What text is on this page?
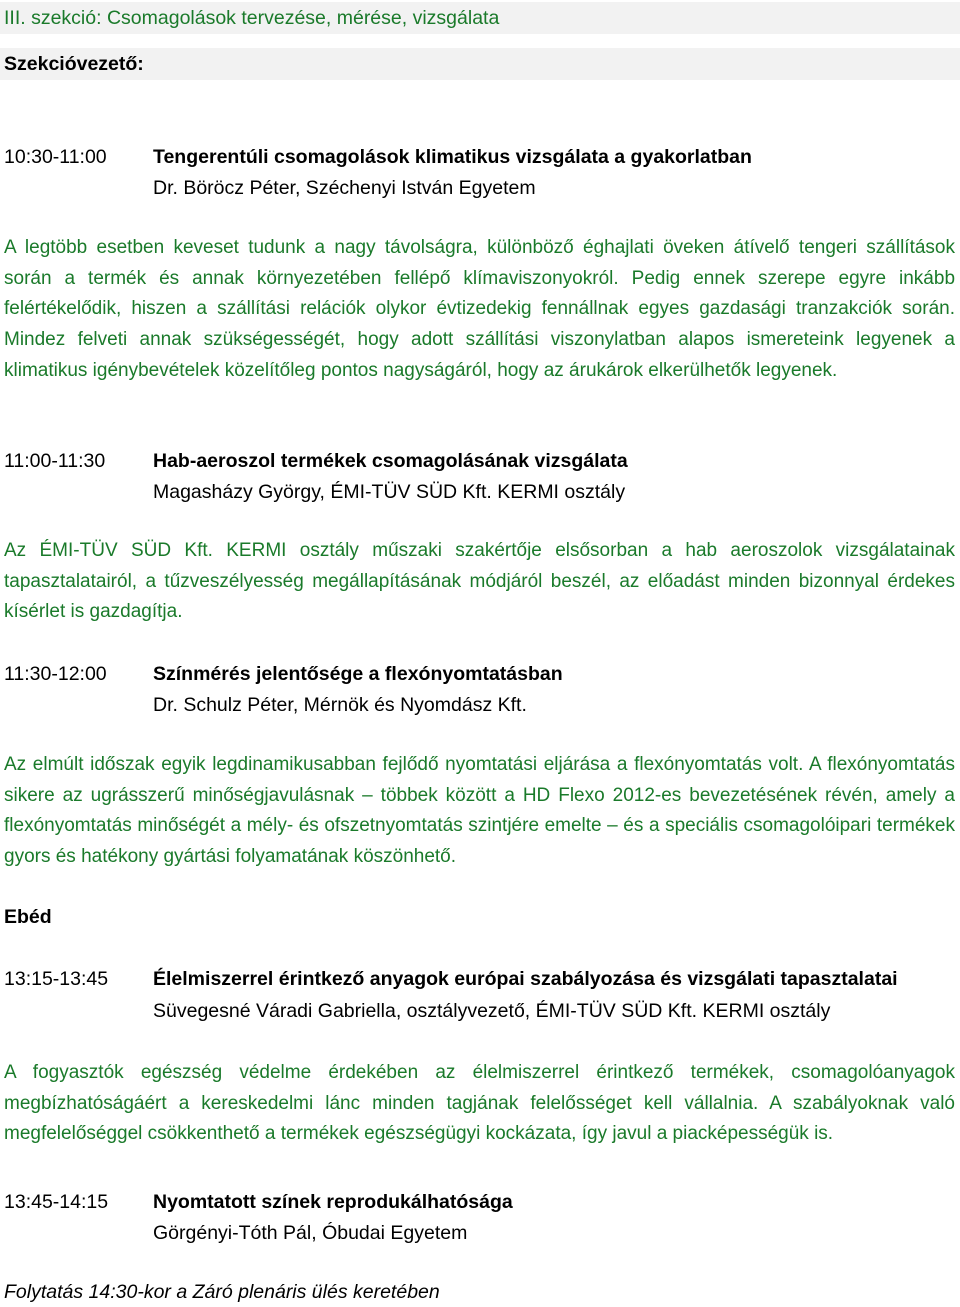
III. szekció: Csomagolások tervezése, mérése, vizsgálata
Szekcióvezető:
10:30-11:00 Tengerentúli csomagolások klimatikus vizsgálata a gyakorlatban
Dr. Böröcz Péter, Széchenyi István Egyetem
A legtöbb esetben keveset tudunk a nagy távolságra, különböző éghajlati öveken átívelő tengeri szállítások során a termék és annak környezetében fellépő klímaviszonyokról. Pedig ennek szerepe egyre inkább felértékelődik, hiszen a szállítási relációk olykor évtizedekig fennállnak egyes gazdasági tranzakciók során. Mindez felveti annak szükségességét, hogy adott szállítási viszonylatban alapos ismereteink legyenek a klimatikus igénybevételek közelítőleg pontos nagyságáról, hogy az árukárok elkerülhetők legyenek.
11:00-11:30 Hab-aeroszol termékek csomagolásának vizsgálata
Magasházy György, ÉMI-TÜV SÜD Kft. KERMI osztály
Az ÉMI-TÜV SÜD Kft. KERMI osztály műszaki szakértője elsősorban a hab aeroszolok vizsgálatainak tapasztalatairól, a tűzveszélyesség megállapításának módjáról beszél, az előadást minden bizonnyal érdekes kísérlet is gazdagítja.
11:30-12:00 Színmérés jelentősége a flexónyomtatásban
Dr. Schulz Péter, Mérnök és Nyomdász Kft.
Az elmúlt időszak egyik legdinamikusabban fejlődő nyomtatási eljárása a flexónyomtatás volt. A flexónyomtatás sikere az ugrásszerű minőségjavulásnak – többek között a HD Flexo 2012-es bevezetésének révén, amely a flexónyomtatás minőségét a mély- és ofszetnyomtatás szintjére emelte – és a speciális csomagolóipari termékek gyors és hatékony gyártási folyamatának köszönhető.
Ebéd
13:15-13:45 Élelmiszerrel érintkező anyagok európai szabályozása és vizsgálati tapasztalatai
Süvegesné Váradi Gabriella, osztályvezető, ÉMI-TÜV SÜD Kft. KERMI osztály
A fogyasztók egészség védelme érdekében az élelmiszerrel érintkező termékek, csomagolóanyagok megbízhatóságáért a kereskedelmi lánc minden tagjának felelősséget kell vállalnia. A szabályoknak való megfelelőséggel csökkenthető a termékek egészségügyi kockázata, így javul a piacképességük is.
13:45-14:15 Nyomtatott színek reprodukálhatósága
Görgényi-Tóth Pál, Óbudai Egyetem
Folytatás 14:30-kor a Záró plenáris ülés keretében
